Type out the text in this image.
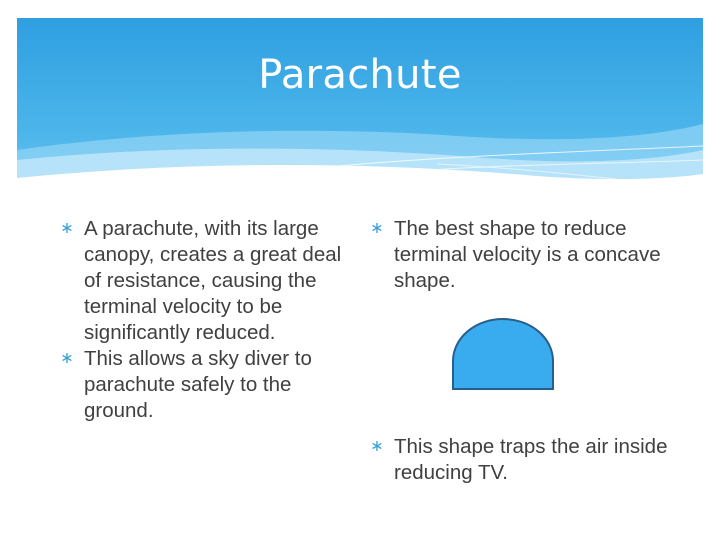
Parachute
∗ A parachute, with its large canopy, creates a great deal of resistance, causing the terminal velocity to be significantly reduced.
∗ This allows a sky diver to parachute safely to the ground.
∗ The best shape to reduce terminal velocity is a concave shape.
∗ This shape traps the air inside reducing TV.
